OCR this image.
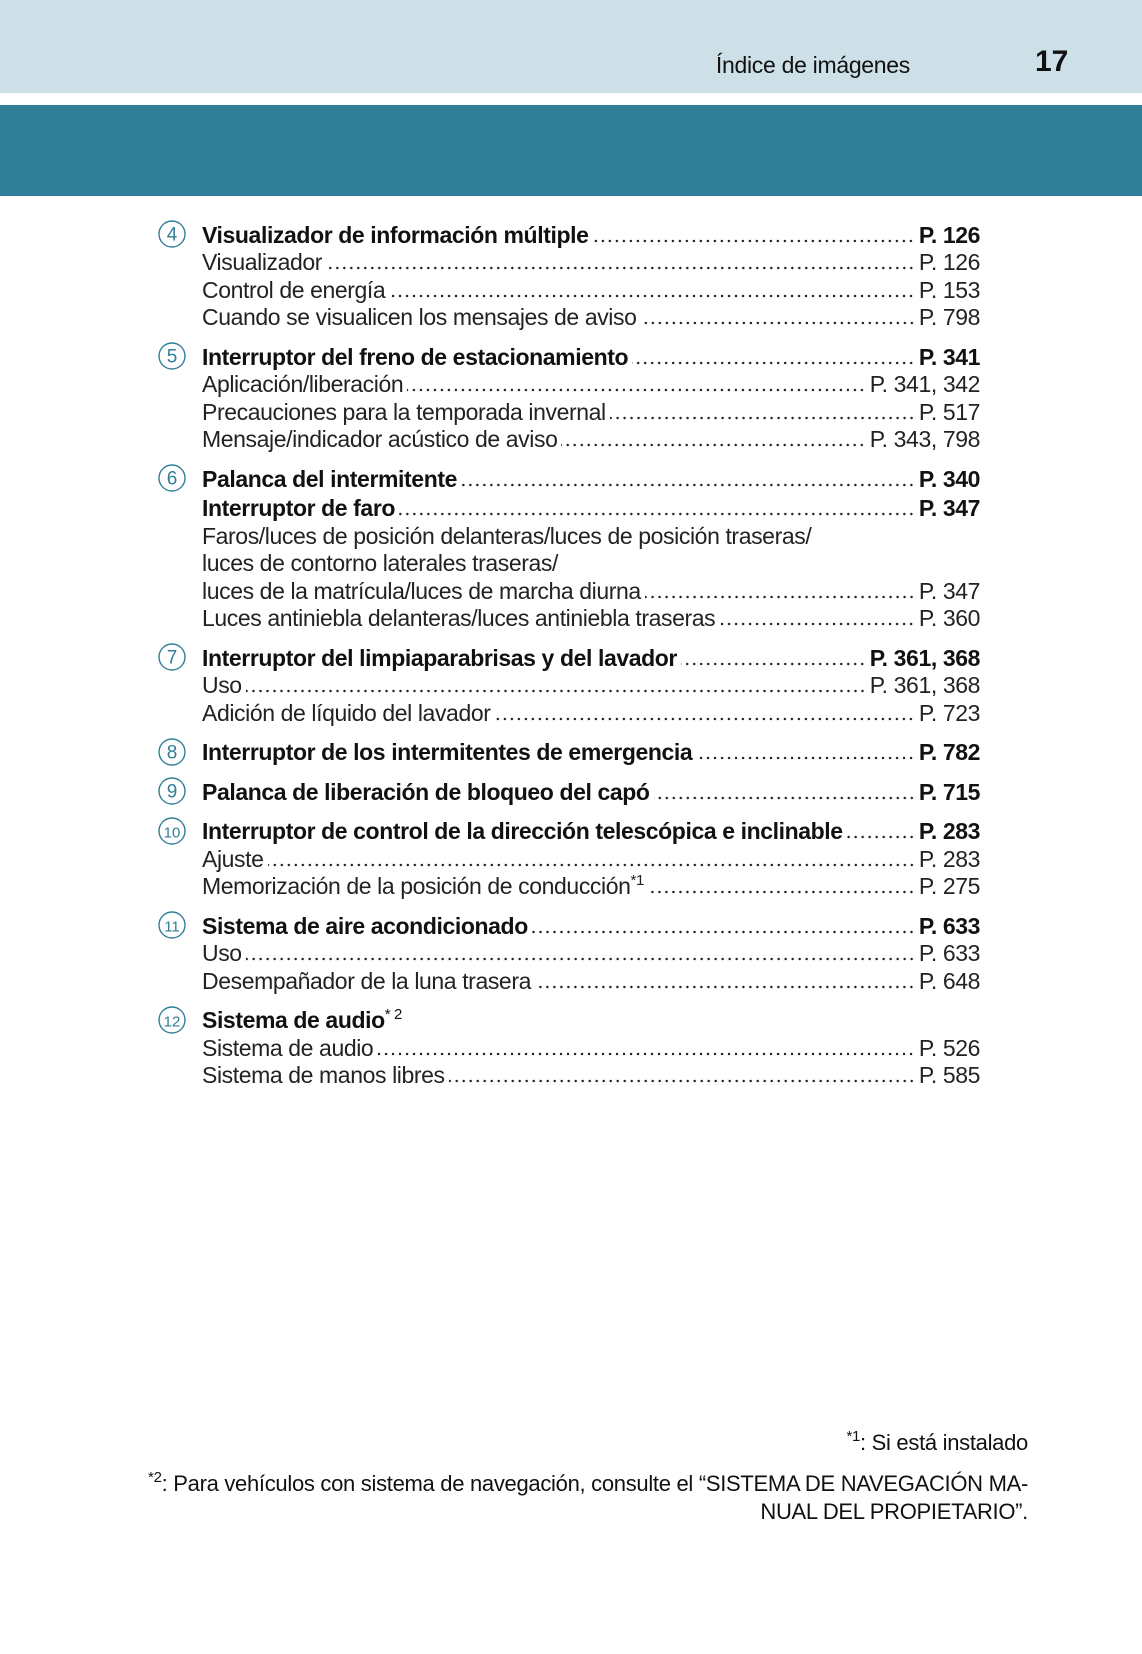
Índice de imágenes	17
4 Visualizador de información múltiple	P. 126
Visualizador	P. 126
Control de energía	P. 153
Cuando se visualicen los mensajes de aviso	P. 798
5 Interruptor del freno de estacionamiento	P. 341
Aplicación/liberación	P. 341, 342
Precauciones para la temporada invernal	P. 517
Mensaje/indicador acústico de aviso	P. 343, 798
6 Palanca del intermitente	P. 340
Interruptor de faro	P. 347
Faros/luces de posición delanteras/luces de posición traseras/
luces de contorno laterales traseras/
luces de la matrícula/luces de marcha diurna	P. 347
Luces antiniebla delanteras/luces antiniebla traseras	P. 360
7 Interruptor del limpiaparabrisas y del lavador	P. 361, 368
Uso	P. 361, 368
Adición de líquido del lavador	P. 723
8 Interruptor de los intermitentes de emergencia	P. 782
9 Palanca de liberación de bloqueo del capó	P. 715
10 Interruptor de control de la dirección telescópica e inclinable	P. 283
Ajuste	P. 283
Memorización de la posición de conducción$^{*1}$	P. 275
11 Sistema de aire acondicionado	P. 633
Uso	P. 633
Desempañador de la luna trasera	P. 648
12 Sistema de audio$^{* 2}$
Sistema de audio	P. 526
Sistema de manos libres	P. 585
$^{*1}$: Si está instalado
$^{*2}$: Para vehículos con sistema de navegación, consulte el “SISTEMA DE NAVEGACIÓN MA-
NUAL DEL PROPIETARIO”.
